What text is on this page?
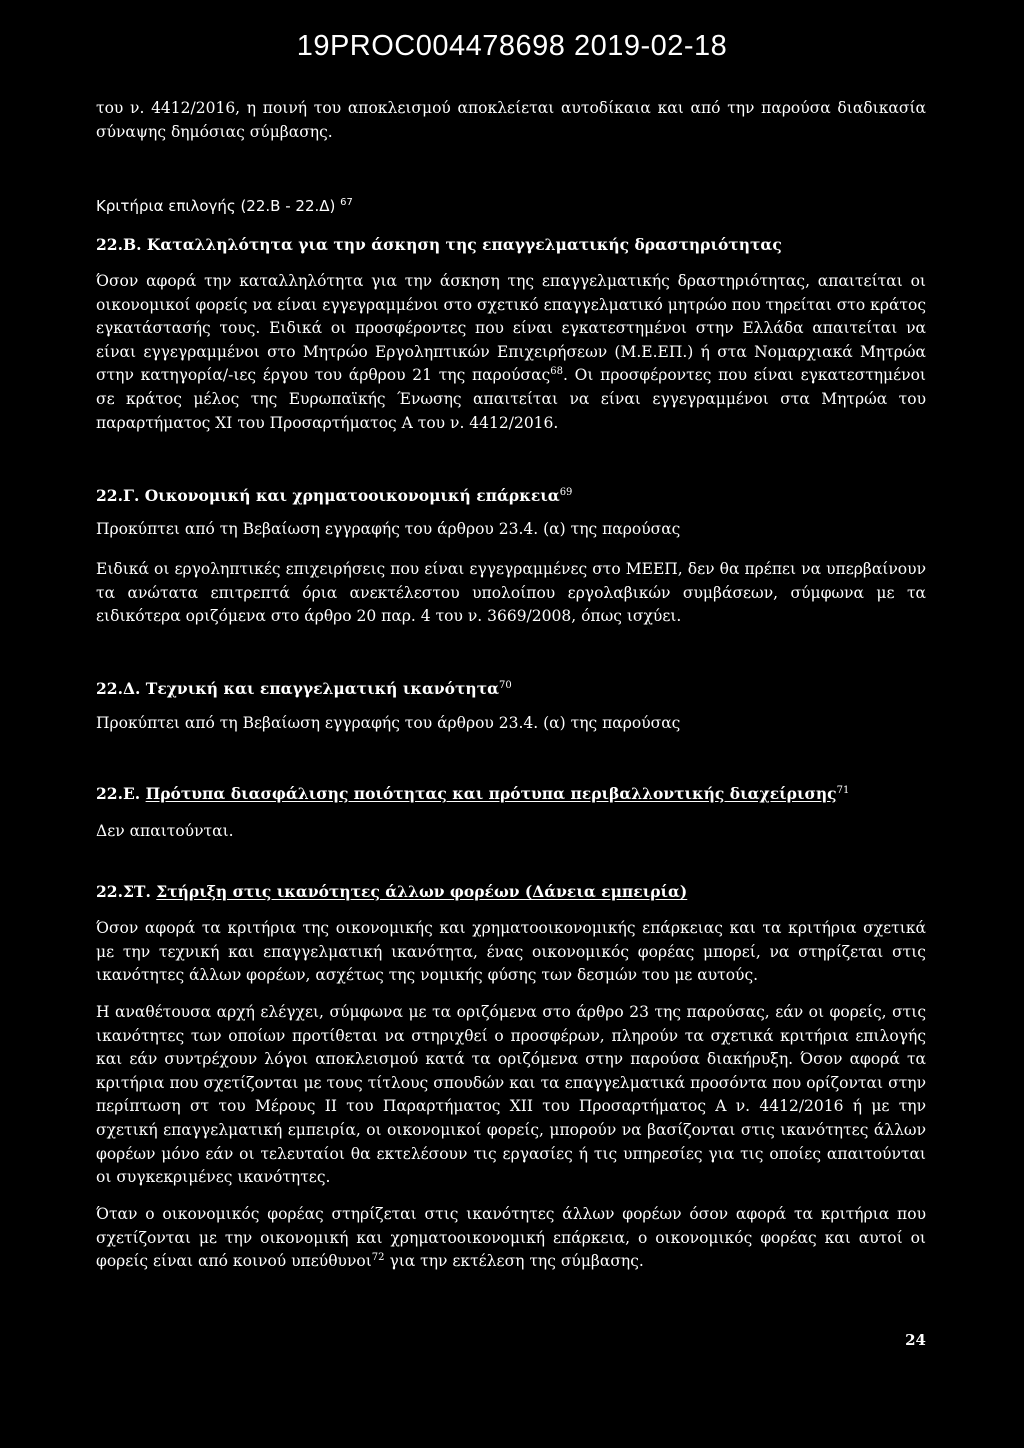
19PROC004478698 2019-02-18
του ν. 4412/2016, η ποινή του αποκλεισμού αποκλείεται αυτοδίκαια και από την παρούσα διαδικασία σύναψης δημόσιας σύμβασης.
Κριτήρια επιλογής (22.Β - 22.Δ) $^{67}$
22.Β. Καταλληλότητα για την άσκηση της επαγγελματικής δραστηριότητας
Όσον αφορά την καταλληλότητα για την άσκηση της επαγγελματικής δραστηριότητας, απαιτείται οι οικονομικοί φορείς να είναι εγγεγραμμένοι στο σχετικό επαγγελματικό μητρώο που τηρείται στο κράτος εγκατάστασής τους. Ειδικά οι προσφέροντες που είναι εγκατεστημένοι στην Ελλάδα απαιτείται να είναι εγγεγραμμένοι στο Μητρώο Εργοληπτικών Επιχειρήσεων (Μ.Ε.ΕΠ.) ή στα Νομαρχιακά Μητρώα στην κατηγορία/-ιες έργου του άρθρου 21 της παρούσας$^{68}$. Οι προσφέροντες που είναι εγκατεστημένοι σε κράτος μέλος της Ευρωπαϊκής Ένωσης απαιτείται να είναι εγγεγραμμένοι στα Μητρώα του παραρτήματος XI του Προσαρτήματος Α του ν. 4412/2016.
22.Γ. Οικονομική και χρηματοοικονομική επάρκεια$^{69}$
Προκύπτει από τη Βεβαίωση εγγραφής του άρθρου 23.4. (α) της παρούσας
Ειδικά οι εργοληπτικές επιχειρήσεις που είναι εγγεγραμμένες στο ΜΕΕΠ, δεν θα πρέπει να υπερβαίνουν τα ανώτατα επιτρεπτά όρια ανεκτέλεστου υπολοίπου εργολαβικών συμβάσεων, σύμφωνα με τα ειδικότερα οριζόμενα στο άρθρο 20 παρ. 4 του ν. 3669/2008, όπως ισχύει.
22.Δ. Τεχνική και επαγγελματική ικανότητα$^{70}$
Προκύπτει από τη Βεβαίωση εγγραφής του άρθρου 23.4. (α) της παρούσας
22.Ε. Πρότυπα διασφάλισης ποιότητας και πρότυπα περιβαλλοντικής διαχείρισης$^{71}$
Δεν απαιτούνται.
22.ΣΤ. Στήριξη στις ικανότητες άλλων φορέων (Δάνεια εμπειρία)
Όσον αφορά τα κριτήρια της οικονομικής και χρηματοοικονομικής επάρκειας και τα κριτήρια σχετικά με την τεχνική και επαγγελματική ικανότητα, ένας οικονομικός φορέας μπορεί, να στηρίζεται στις ικανότητες άλλων φορέων, ασχέτως της νομικής φύσης των δεσμών του με αυτούς.
Η αναθέτουσα αρχή ελέγχει, σύμφωνα με τα οριζόμενα στο άρθρο 23 της παρούσας, εάν οι φορείς, στις ικανότητες των οποίων προτίθεται να στηριχθεί ο προσφέρων, πληρούν τα σχετικά κριτήρια επιλογής και εάν συντρέχουν λόγοι αποκλεισμού κατά τα οριζόμενα στην παρούσα διακήρυξη. Όσον αφορά τα κριτήρια που σχετίζονται με τους τίτλους σπουδών και τα επαγγελματικά προσόντα που ορίζονται στην περίπτωση στ του Μέρους II του Παραρτήματος XII του Προσαρτήματος Α ν. 4412/2016 ή με την σχετική επαγγελματική εμπειρία, οι οικονομικοί φορείς, μπορούν να βασίζονται στις ικανότητες άλλων φορέων μόνο εάν οι τελευταίοι θα εκτελέσουν τις εργασίες ή τις υπηρεσίες για τις οποίες απαιτούνται οι συγκεκριμένες ικανότητες.
Όταν ο οικονομικός φορέας στηρίζεται στις ικανότητες άλλων φορέων όσον αφορά τα κριτήρια που σχετίζονται με την οικονομική και χρηματοοικονομική επάρκεια, ο οικονομικός φορέας και αυτοί οι φορείς είναι από κοινού υπεύθυνοι$^{72}$ για την εκτέλεση της σύμβασης.
24
